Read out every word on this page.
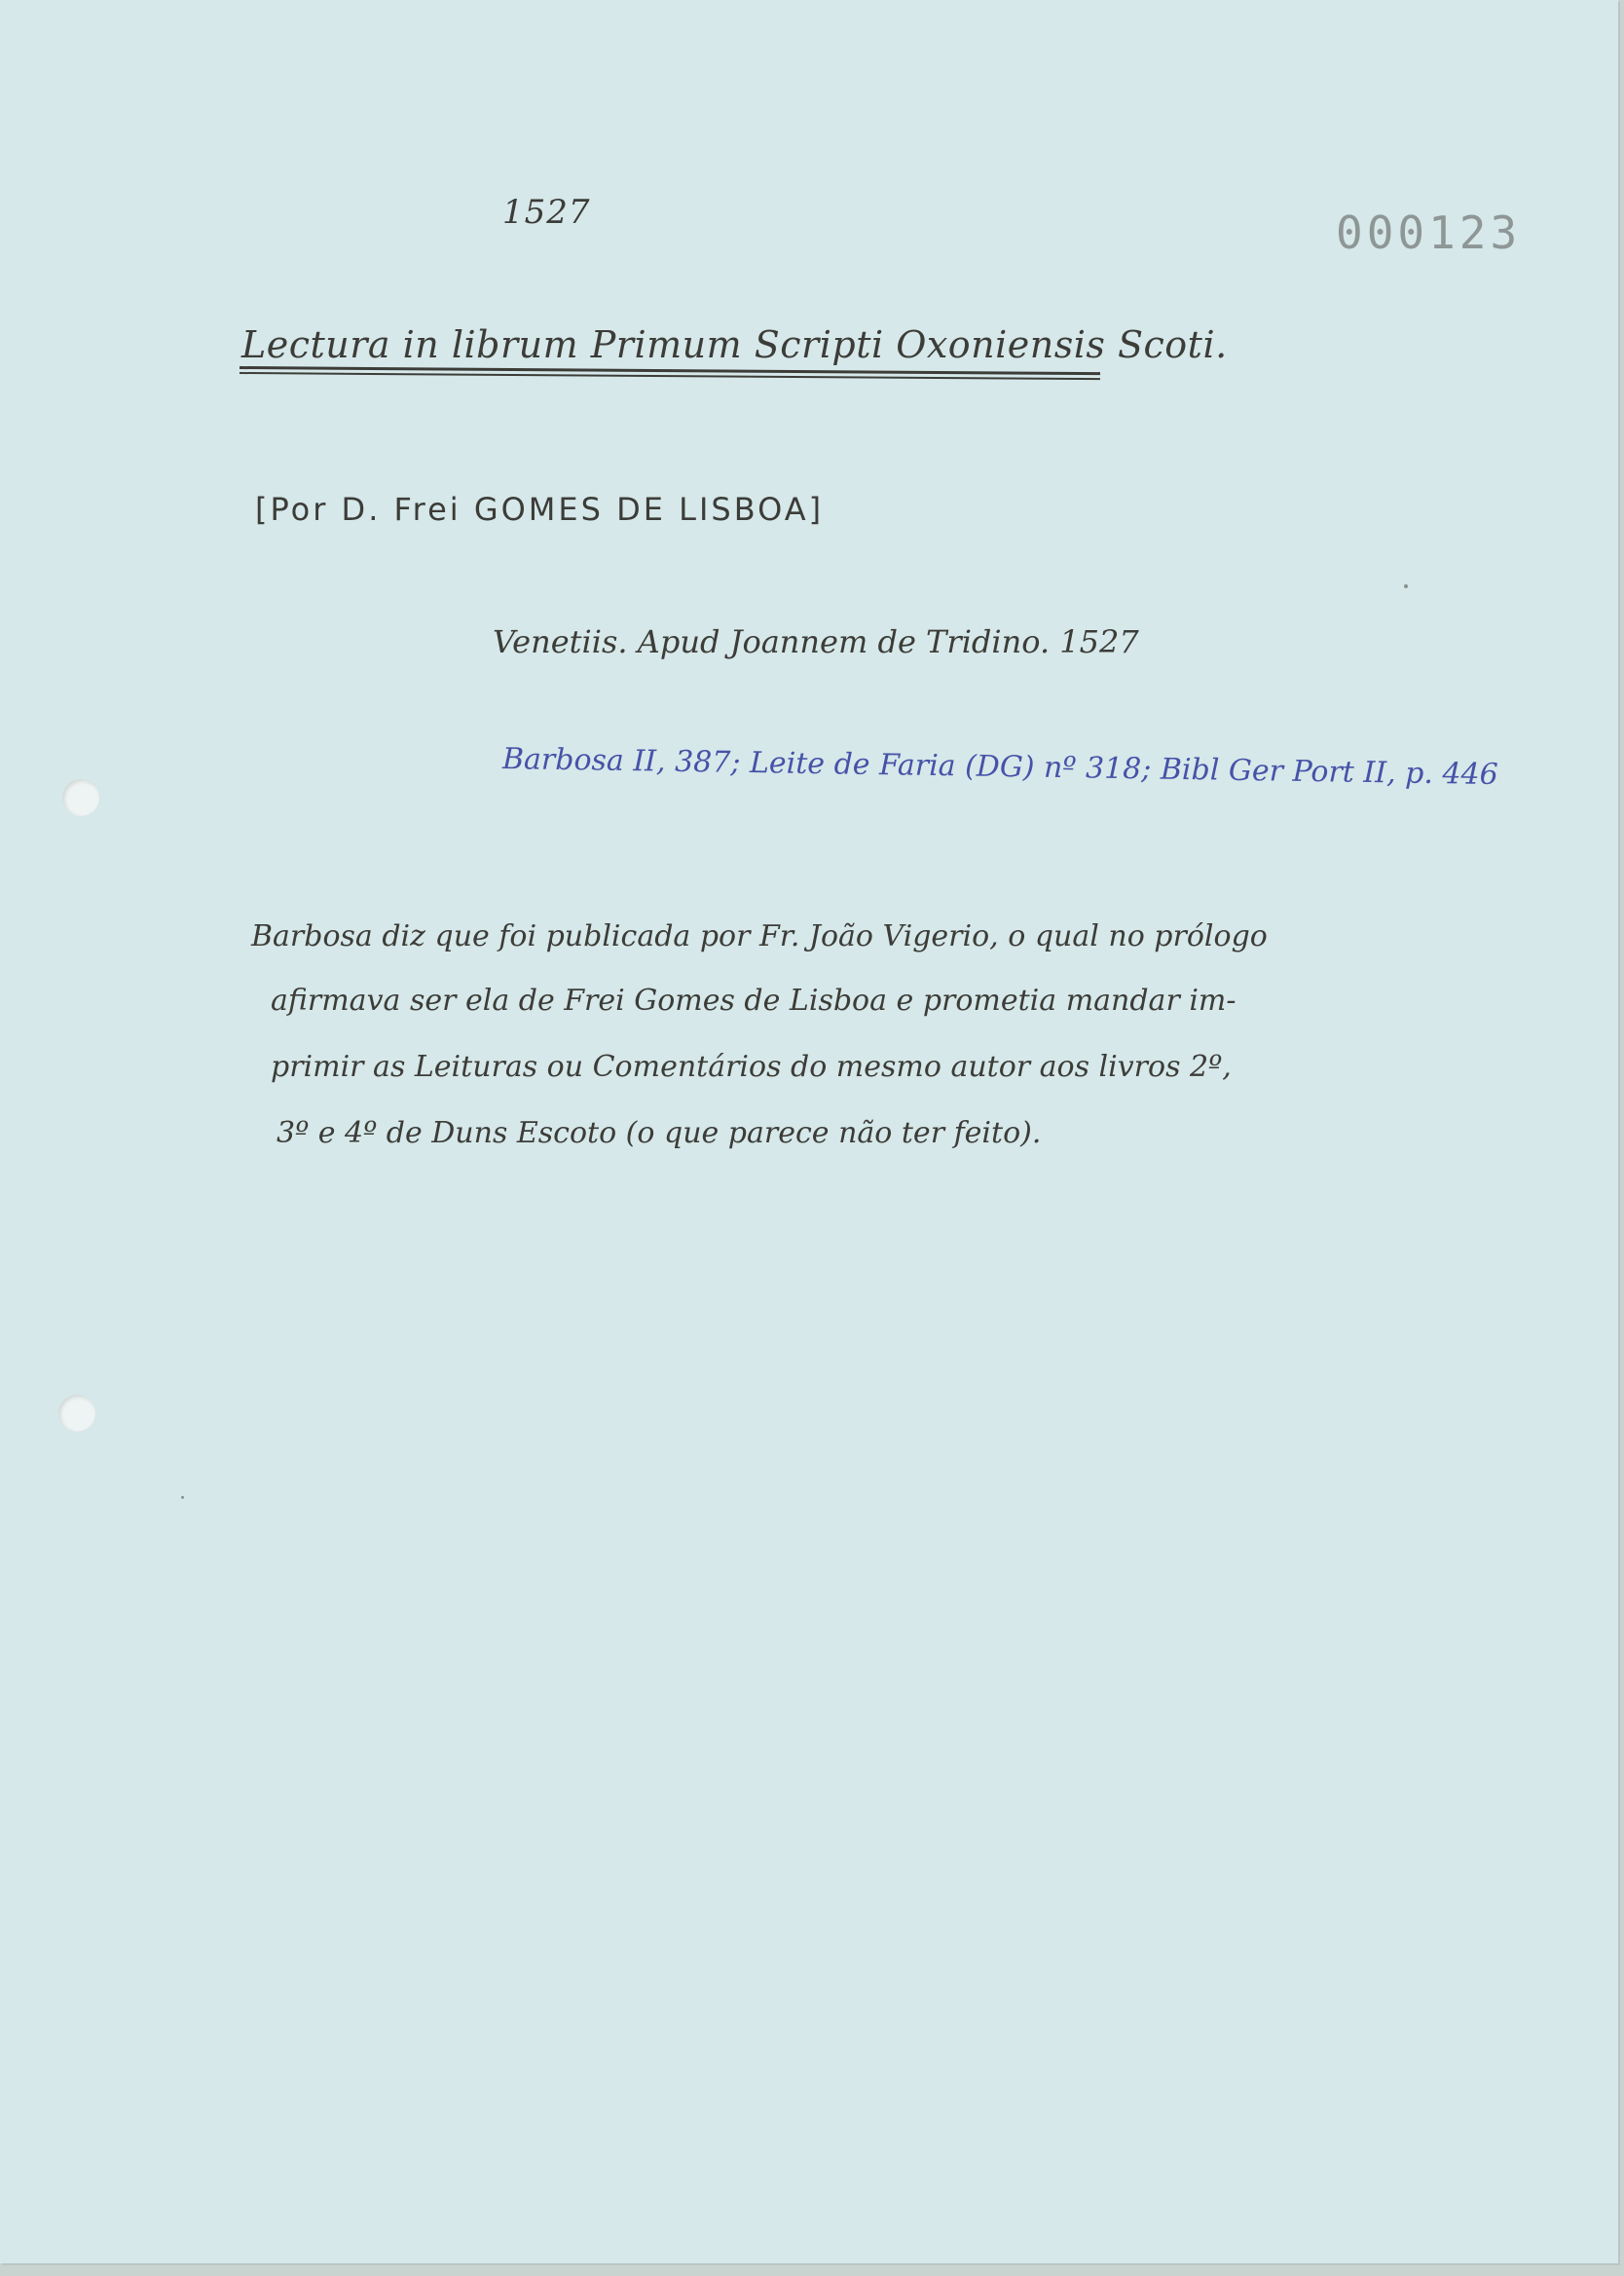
1527	000123
Lectura in librum Primum Scripti Oxoniensis Scoti.
[Por D. Frei GOMES DE LISBOA]
Venetiis. Apud Joannem de Tridino. 1527
Barbosa II, 387; Leite de Faria (DG) nº 318; Bibl Ger Port II, p. 446
Barbosa diz que foi publicada por Fr. João Vigerio, o qual no prólogo
afirmava ser ela de Frei Gomes de Lisboa e prometia mandar im-
primir as Leituras ou Comentários do mesmo autor aos livros 2º,
3º e 4º de Duns Escoto (o que parece não ter feito).
